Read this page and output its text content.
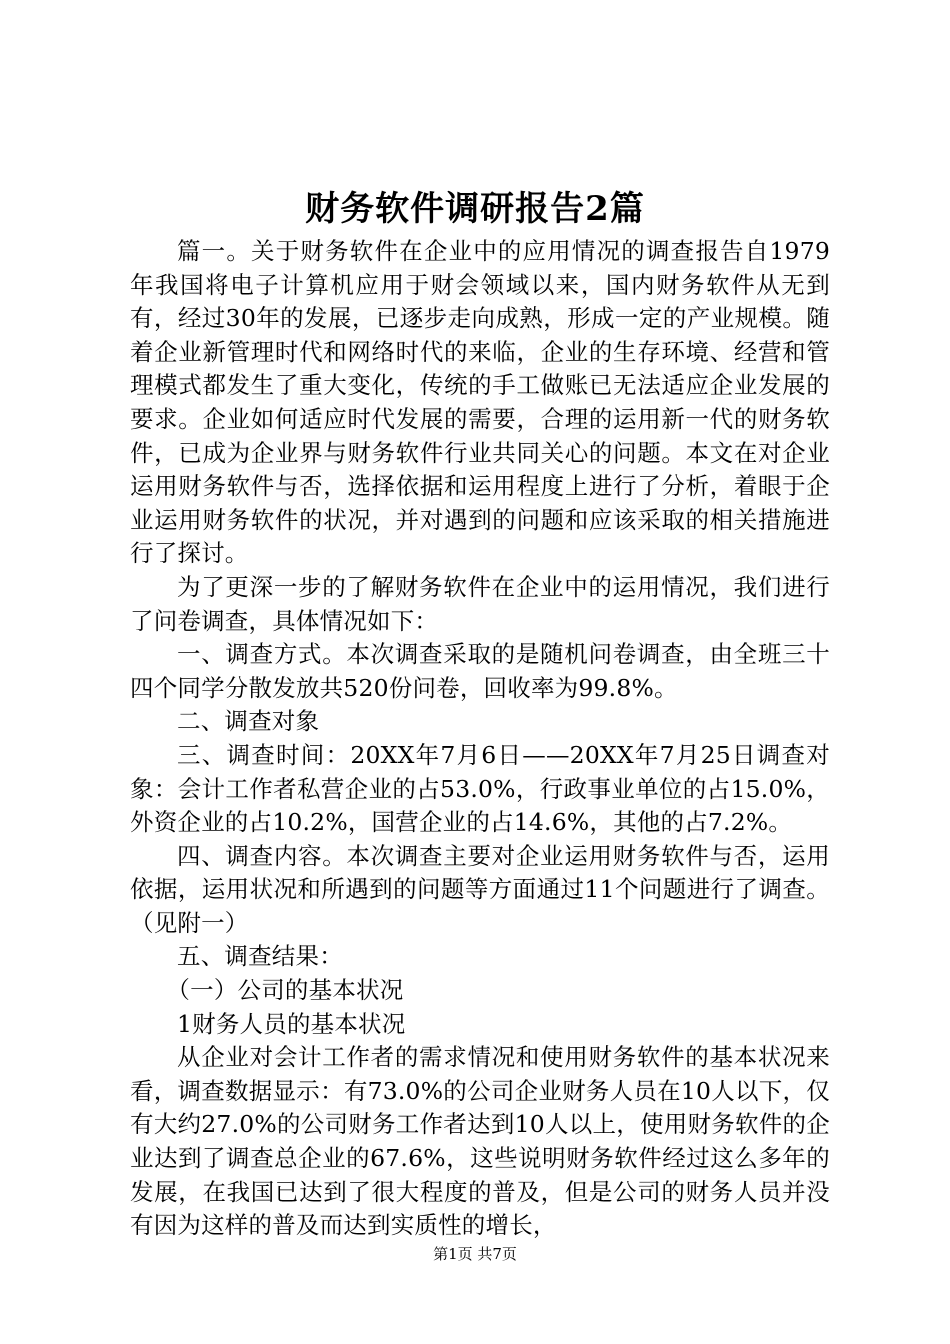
财务软件调研报告2篇

篇一。关于财务软件在企业中的应用情况的调查报告自1979年我国将电子计算机应用于财会领域以来，国内财务软件从无到有，经过30年的发展，已逐步走向成熟，形成一定的产业规模。随着企业新管理时代和网络时代的来临，企业的生存环境、经营和管理模式都发生了重大变化，传统的手工做账已无法适应企业发展的要求。企业如何适应时代发展的需要，合理的运用新一代的财务软件，已成为企业界与财务软件行业共同关心的问题。本文在对企业运用财务软件与否，选择依据和运用程度上进行了分析，着眼于企业运用财务软件的状况，并对遇到的问题和应该采取的相关措施进行了探讨。

为了更深一步的了解财务软件在企业中的运用情况，我们进行了问卷调查，具体情况如下：

一、调查方式。本次调查采取的是随机问卷调查，由全班三十四个同学分散发放共520份问卷，回收率为99.8%。

二、调查对象

三、调查时间：20XX年7月6日——20XX年7月25日调查对象：会计工作者私营企业的占53.0%，行政事业单位的占15.0%，外资企业的占10.2%，国营企业的占14.6%，其他的占7.2%。

四、调查内容。本次调查主要对企业运用财务软件与否，运用依据，运用状况和所遇到的问题等方面通过11个问题进行了调查。（见附一）

五、调查结果：

（一）公司的基本状况

1财务人员的基本状况

从企业对会计工作者的需求情况和使用财务软件的基本状况来看，调查数据显示：有73.0%的公司企业财务人员在10人以下，仅有大约27.0%的公司财务工作者达到10人以上，使用财务软件的企业达到了调查总企业的67.6%，这些说明财务软件经过这么多年的发展，在我国已达到了很大程度的普及，但是公司的财务人员并没有因为这样的普及而达到实质性的增长，

第1页 共7页
